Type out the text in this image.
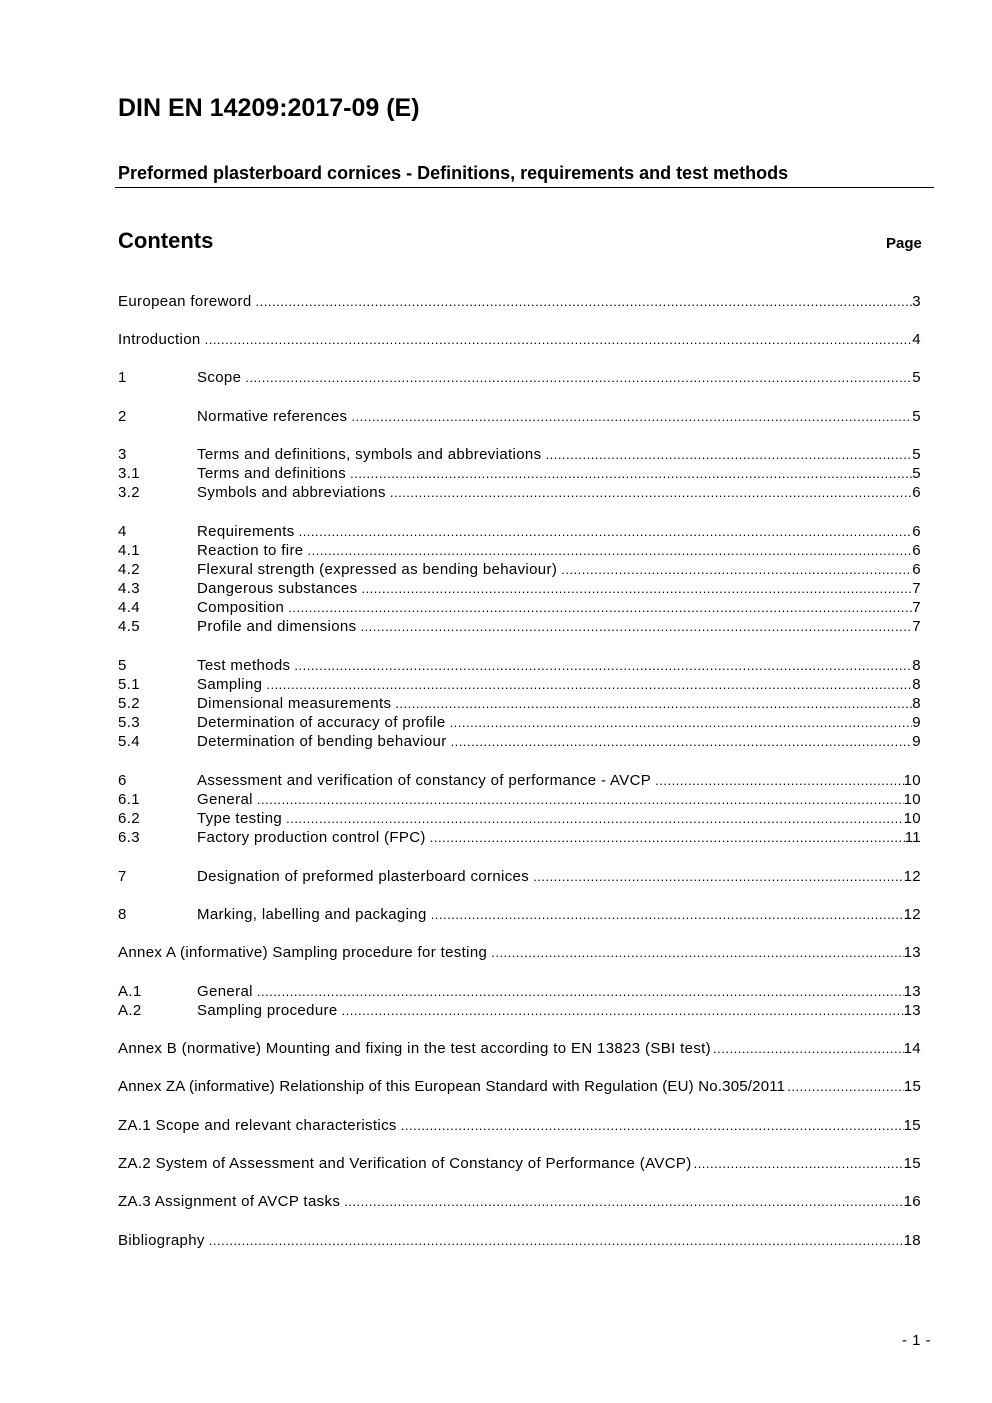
DIN EN 14209:2017-09 (E)
Preformed plasterboard cornices - Definitions, requirements and test methods
Contents	Page
European foreword .....	3
Introduction .....	4
1	Scope .....	5
2	Normative references .....	5
3	Terms and definitions, symbols and abbreviations .....	5
3.1	Terms and definitions .....	5
3.2	Symbols and abbreviations .....	6
4	Requirements .....	6
4.1	Reaction to fire .....	6
4.2	Flexural strength (expressed as bending behaviour) .....	6
4.3	Dangerous substances .....	7
4.4	Composition .....	7
4.5	Profile and dimensions .....	7
5	Test methods .....	8
5.1	Sampling .....	8
5.2	Dimensional measurements .....	8
5.3	Determination of accuracy of profile .....	9
5.4	Determination of bending behaviour .....	9
6	Assessment and verification of constancy of performance - AVCP .....	10
6.1	General .....	10
6.2	Type testing .....	10
6.3	Factory production control (FPC) .....	11
7	Designation of preformed plasterboard cornices .....	12
8	Marking, labelling and packaging .....	12
Annex A (informative) Sampling procedure for testing .....	13
A.1	General .....	13
A.2	Sampling procedure .....	13
Annex B (normative) Mounting and fixing in the test according to EN 13823 (SBI test) .....	14
Annex ZA (informative) Relationship of this European Standard with Regulation (EU) No.305/2011 .....	15
ZA.1 Scope and relevant characteristics .....	15
ZA.2 System of Assessment and Verification of Constancy of Performance (AVCP) .....	15
ZA.3 Assignment of AVCP tasks .....	16
Bibliography .....	18
- 1 -
